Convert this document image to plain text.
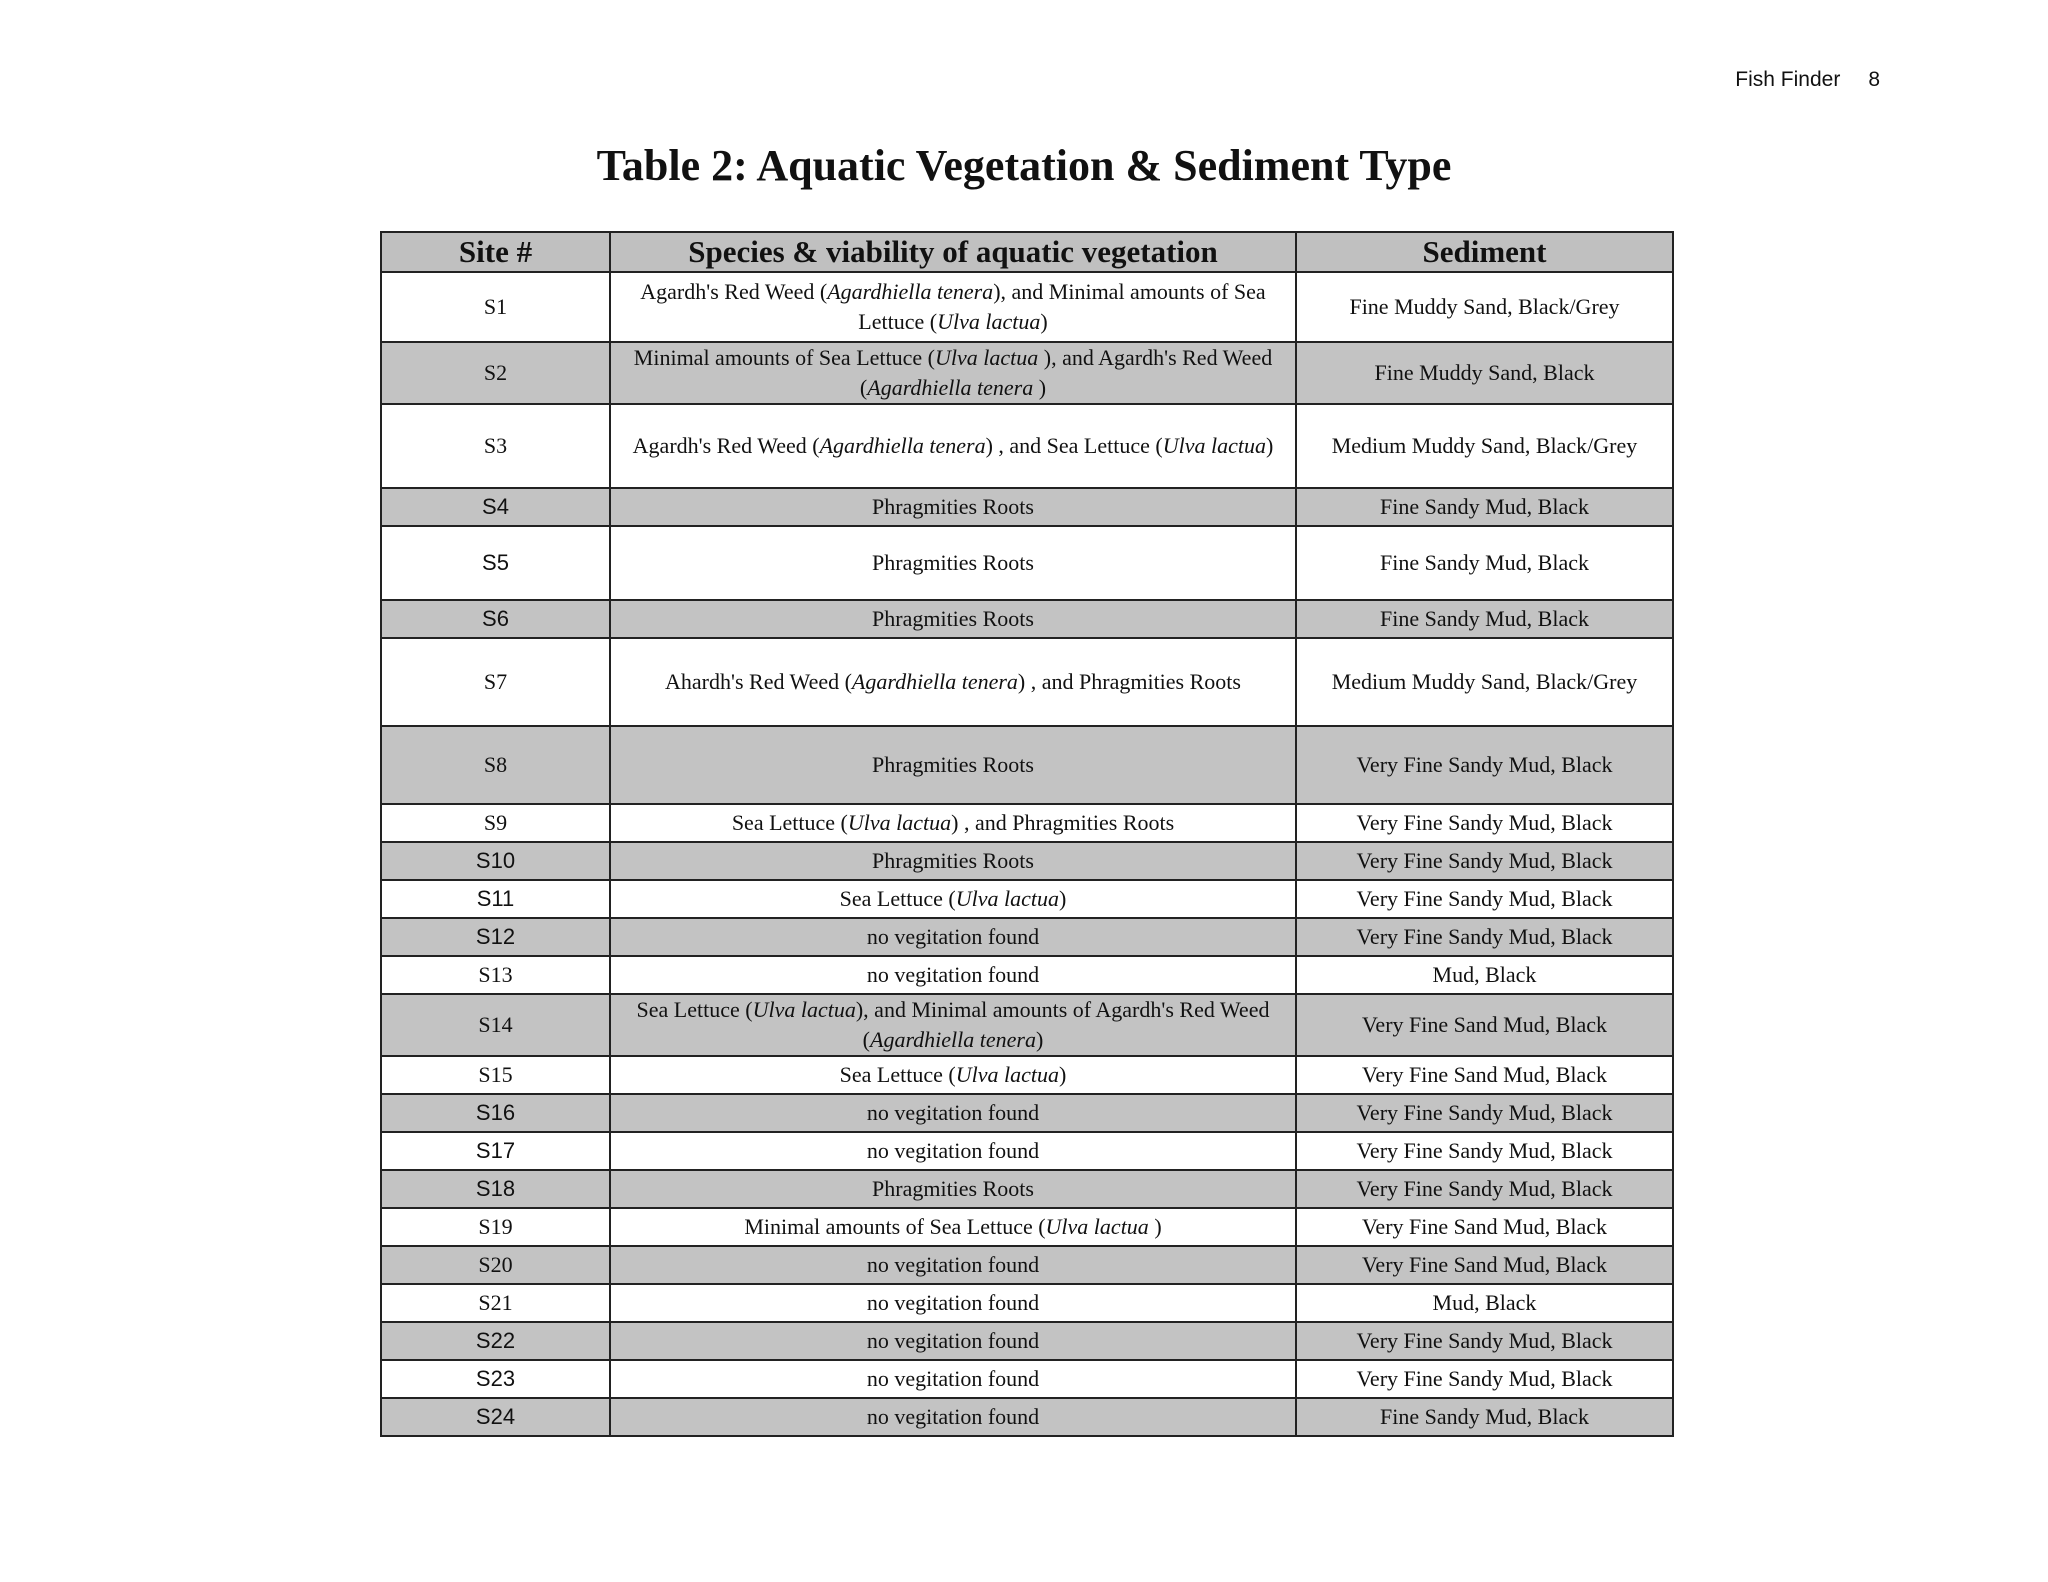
Fish Finder 8
Table 2: Aquatic Vegetation & Sediment Type
Site #	Species & viability of aquatic vegetation	Sediment
S1	Agardh's Red Weed (Agardhiella tenera), and Minimal amounts of Sea Lettuce (Ulva lactua)	Fine Muddy Sand, Black/Grey
S2	Minimal amounts of Sea Lettuce (Ulva lactua ), and Agardh's Red Weed (Agardhiella tenera )	Fine Muddy Sand, Black
S3	Agardh's Red Weed (Agardhiella tenera) , and Sea Lettuce (Ulva lactua)	Medium Muddy Sand, Black/Grey
S4	Phragmities Roots	Fine Sandy Mud, Black
S5	Phragmities Roots	Fine Sandy Mud, Black
S6	Phragmities Roots	Fine Sandy Mud, Black
S7	Ahardh's Red Weed (Agardhiella tenera) , and Phragmities Roots	Medium Muddy Sand, Black/Grey
S8	Phragmities Roots	Very Fine Sandy Mud, Black
S9	Sea Lettuce (Ulva lactua) , and Phragmities Roots	Very Fine Sandy Mud, Black
S10	Phragmities Roots	Very Fine Sandy Mud, Black
S11	Sea Lettuce (Ulva lactua)	Very Fine Sandy Mud, Black
S12	no vegitation found	Very Fine Sandy Mud, Black
S13	no vegitation found	Mud, Black
S14	Sea Lettuce (Ulva lactua), and Minimal amounts of Agardh's Red Weed (Agardhiella tenera)	Very Fine Sand Mud, Black
S15	Sea Lettuce (Ulva lactua)	Very Fine Sand Mud, Black
S16	no vegitation found	Very Fine Sandy Mud, Black
S17	no vegitation found	Very Fine Sandy Mud, Black
S18	Phragmities Roots	Very Fine Sandy Mud, Black
S19	Minimal amounts of Sea Lettuce (Ulva lactua )	Very Fine Sand Mud, Black
S20	no vegitation found	Very Fine Sand Mud, Black
S21	no vegitation found	Mud, Black
S22	no vegitation found	Very Fine Sandy Mud, Black
S23	no vegitation found	Very Fine Sandy Mud, Black
S24	no vegitation found	Fine Sandy Mud, Black
